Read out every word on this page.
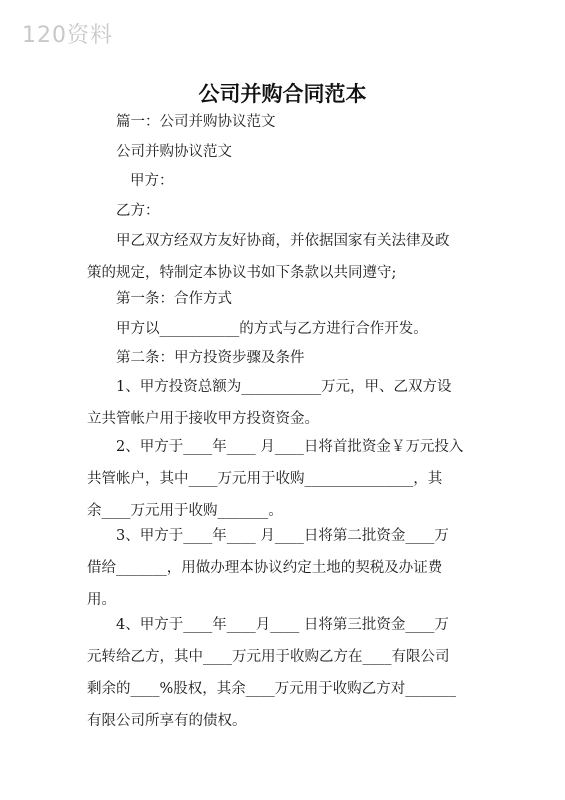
120资料
公司并购合同范本
篇一：公司并购协议范文
公司并购协议范文
甲方：
乙方：
甲乙双方经双方友好协商，并依据国家有关法律及政
策的规定，特制定本协议书如下条款以共同遵守;
第一条：合作方式
甲方以___________的方式与乙方进行合作开发。
第二条：甲方投资步骤及条件
1、甲方投资总额为___________万元，甲、乙双方设
立共管帐户用于接收甲方投资资金。
2、甲方于____年____ 月____日将首批资金￥万元投入
共管帐户，其中____万元用于收购_______________，其
余____万元用于收购_______。
3、甲方于____年____ 月____日将第二批资金____万
借给_______，用做办理本协议约定土地的契税及办证费
用。
4、甲方于____年____月____ 日将第三批资金____万
元转给乙方，其中____万元用于收购乙方在____有限公司
剩余的____%股权，其余____万元用于收购乙方对_______
有限公司所享有的债权。
